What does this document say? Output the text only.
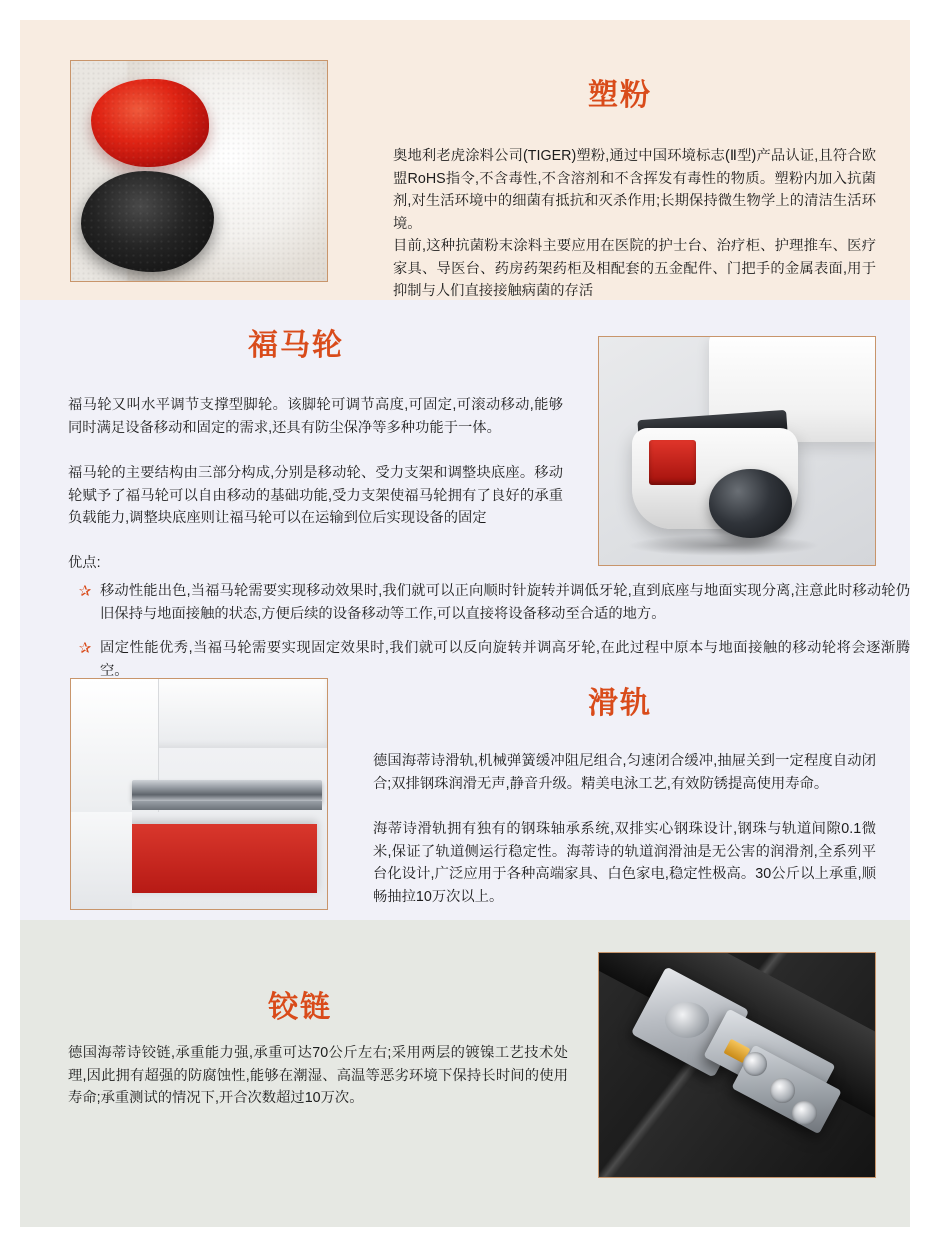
塑粉
奥地利老虎涂料公司(TIGER)塑粉,通过中国环境标志(Ⅱ型)产品认证,且符合欧盟RoHS指令,不含毒性,不含溶剂和不含挥发有毒性的物质。塑粉内加入抗菌剂,对生活环境中的细菌有抵抗和灭杀作用;长期保持微生物学上的清洁生活环境。
目前,这种抗菌粉末涂料主要应用在医院的护士台、治疗柜、护理推车、医疗家具、导医台、药房药架药柜及相配套的五金配件、门把手的金属表面,用于抑制与人们直接接触病菌的存活
福马轮
福马轮又叫水平调节支撑型脚轮。该脚轮可调节高度,可固定,可滚动移动,能够同时满足设备移动和固定的需求,还具有防尘保净等多种功能于一体。
福马轮的主要结构由三部分构成,分别是移动轮、受力支架和调整块底座。移动轮赋予了福马轮可以自由移动的基础功能,受力支架使福马轮拥有了良好的承重负载能力,调整块底座则让福马轮可以在运输到位后实现设备的固定
优点:
✰ 移动性能出色,当福马轮需要实现移动效果时,我们就可以正向顺时针旋转并调低牙轮,直到底座与地面实现分离,注意此时移动轮仍旧保持与地面接触的状态,方便后续的设备移动等工作,可以直接将设备移动至合适的地方。
✰ 固定性能优秀,当福马轮需要实现固定效果时,我们就可以反向旋转并调高牙轮,在此过程中原本与地面接触的移动轮将会逐渐腾空。
滑轨
德国海蒂诗滑轨,机械弹簧缓冲阻尼组合,匀速闭合缓冲,抽屉关到一定程度自动闭合;双排钢珠润滑无声,静音升级。精美电泳工艺,有效防锈提高使用寿命。
海蒂诗滑轨拥有独有的钢珠轴承系统,双排实心钢珠设计,钢珠与轨道间隙0.1微米,保证了轨道侧运行稳定性。海蒂诗的轨道润滑油是无公害的润滑剂,全系列平台化设计,广泛应用于各种高端家具、白色家电,稳定性极高。30公斤以上承重,顺畅抽拉10万次以上。
铰链
德国海蒂诗铰链,承重能力强,承重可达70公斤左右;采用两层的镀镍工艺技术处理,因此拥有超强的防腐蚀性,能够在潮湿、高温等恶劣环境下保持长时间的使用寿命;承重测试的情况下,开合次数超过10万次。
